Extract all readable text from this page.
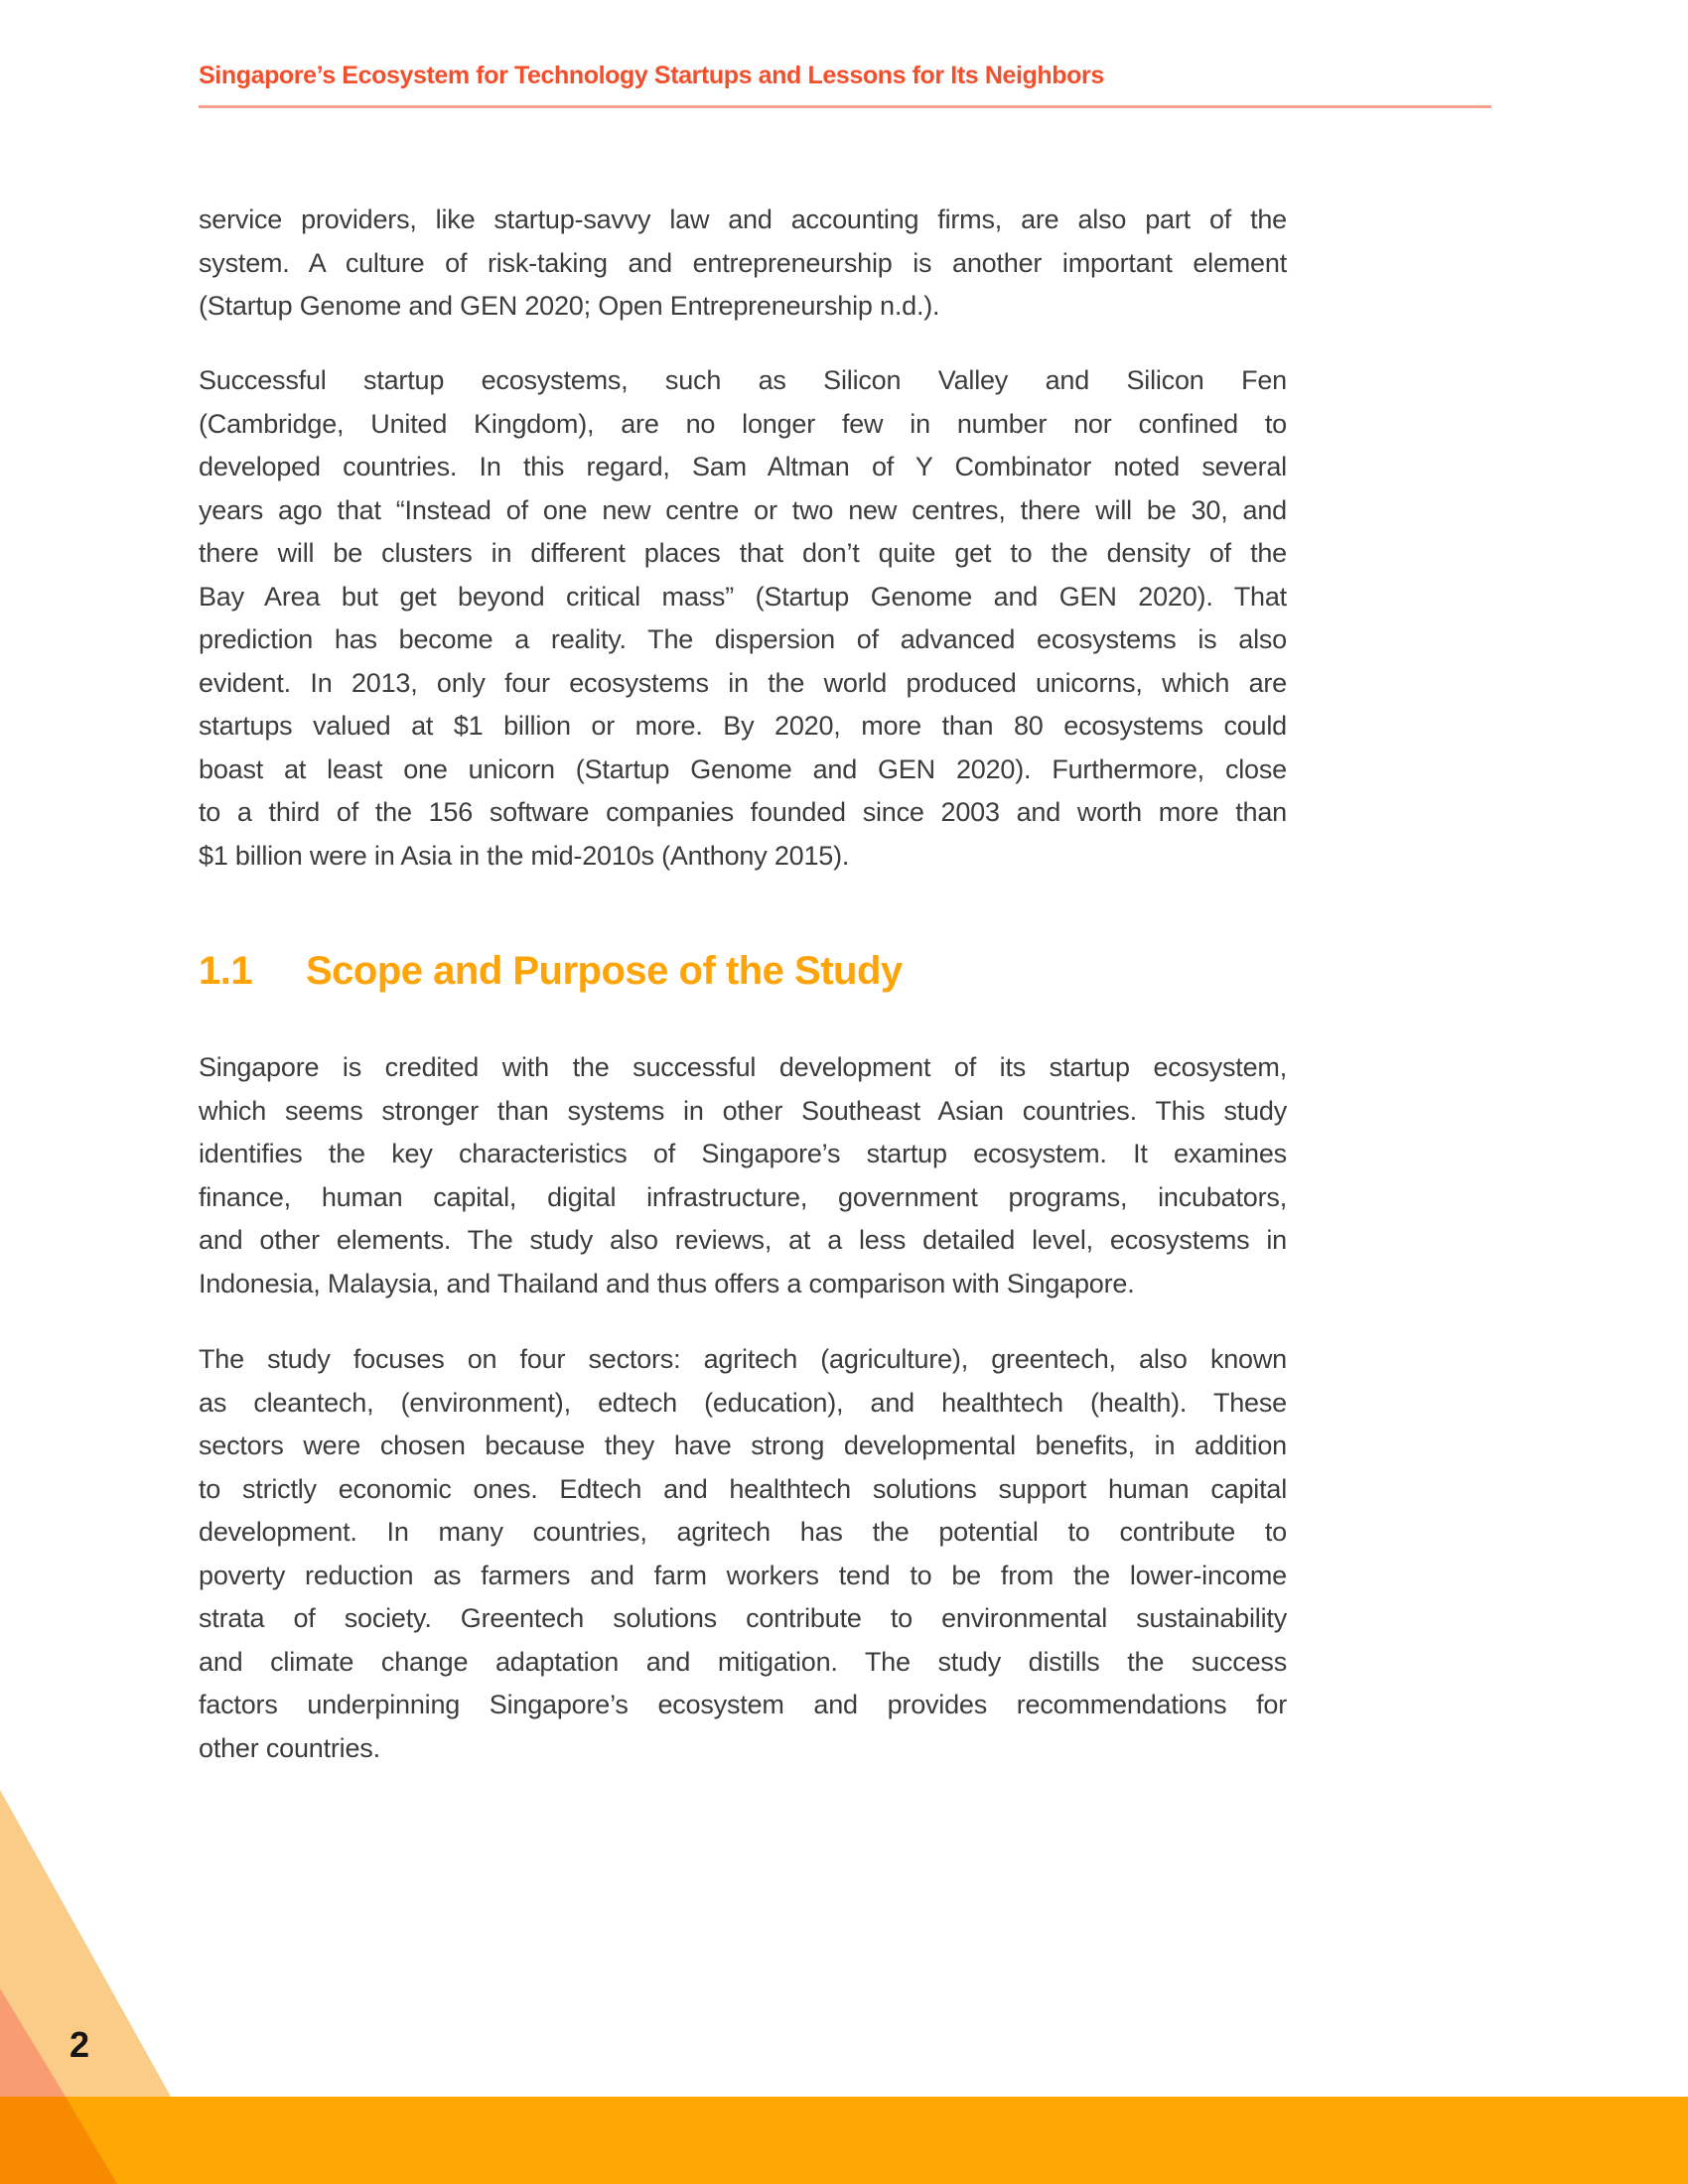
Singapore’s Ecosystem for Technology Startups and Lessons for Its Neighbors
service providers, like startup-savvy law and accounting firms, are also part of the
system. A culture of risk-taking and entrepreneurship is another important element
(Startup Genome and GEN 2020; Open Entrepreneurship n.d.).
Successful startup ecosystems, such as Silicon Valley and Silicon Fen
(Cambridge, United Kingdom), are no longer few in number nor confined to
developed countries. In this regard, Sam Altman of Y Combinator noted several
years ago that “Instead of one new centre or two new centres, there will be 30, and
there will be clusters in different places that don’t quite get to the density of the
Bay Area but get beyond critical mass” (Startup Genome and GEN 2020). That
prediction has become a reality. The dispersion of advanced ecosystems is also
evident. In 2013, only four ecosystems in the world produced unicorns, which are
startups valued at $1 billion or more. By 2020, more than 80 ecosystems could
boast at least one unicorn (Startup Genome and GEN 2020). Furthermore, close
to a third of the 156 software companies founded since 2003 and worth more than
$1 billion were in Asia in the mid-2010s (Anthony 2015).
1.1	Scope and Purpose of the Study
Singapore is credited with the successful development of its startup ecosystem,
which seems stronger than systems in other Southeast Asian countries. This study
identifies the key characteristics of Singapore’s startup ecosystem. It examines
finance, human capital, digital infrastructure, government programs, incubators,
and other elements. The study also reviews, at a less detailed level, ecosystems in
Indonesia, Malaysia, and Thailand and thus offers a comparison with Singapore.
The study focuses on four sectors: agritech (agriculture), greentech, also known
as cleantech, (environment), edtech (education), and healthtech (health). These
sectors were chosen because they have strong developmental benefits, in addition
to strictly economic ones. Edtech and healthtech solutions support human capital
development. In many countries, agritech has the potential to contribute to
poverty reduction as farmers and farm workers tend to be from the lower-income
strata of society. Greentech solutions contribute to environmental sustainability
and climate change adaptation and mitigation. The study distills the success
factors underpinning Singapore’s ecosystem and provides recommendations for
other countries.
2
